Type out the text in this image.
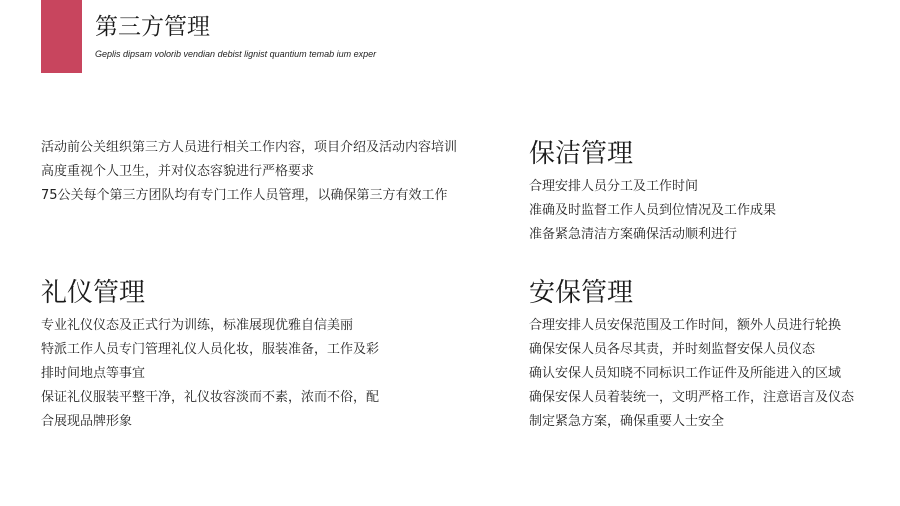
第三方管理
Geplis dipsam volorib vendian debist lignist quantium temab ium exper
活动前公关组织第三方人员进行相关工作内容，项目介绍及活动内容培训
高度重视个人卫生，并对仪态容貌进行严格要求
75公关每个第三方团队均有专门工作人员管理，以确保第三方有效工作
保洁管理
合理安排人员分工及工作时间
准确及时监督工作人员到位情况及工作成果
准备紧急清洁方案确保活动顺利进行
礼仪管理
专业礼仪仪态及正式行为训练，标准展现优雅自信美丽
特派工作人员专门管理礼仪人员化妆，服装准备，工作及彩
排时间地点等事宜
保证礼仪服装平整干净，礼仪妆容淡而不素，浓而不俗，配
合展现品牌形象
安保管理
合理安排人员安保范围及工作时间，额外人员进行轮换
确保安保人员各尽其责，并时刻监督安保人员仪态
确认安保人员知晓不同标识工作证件及所能进入的区域
确保安保人员着装统一，文明严格工作，注意语言及仪态
制定紧急方案，确保重要人士安全
